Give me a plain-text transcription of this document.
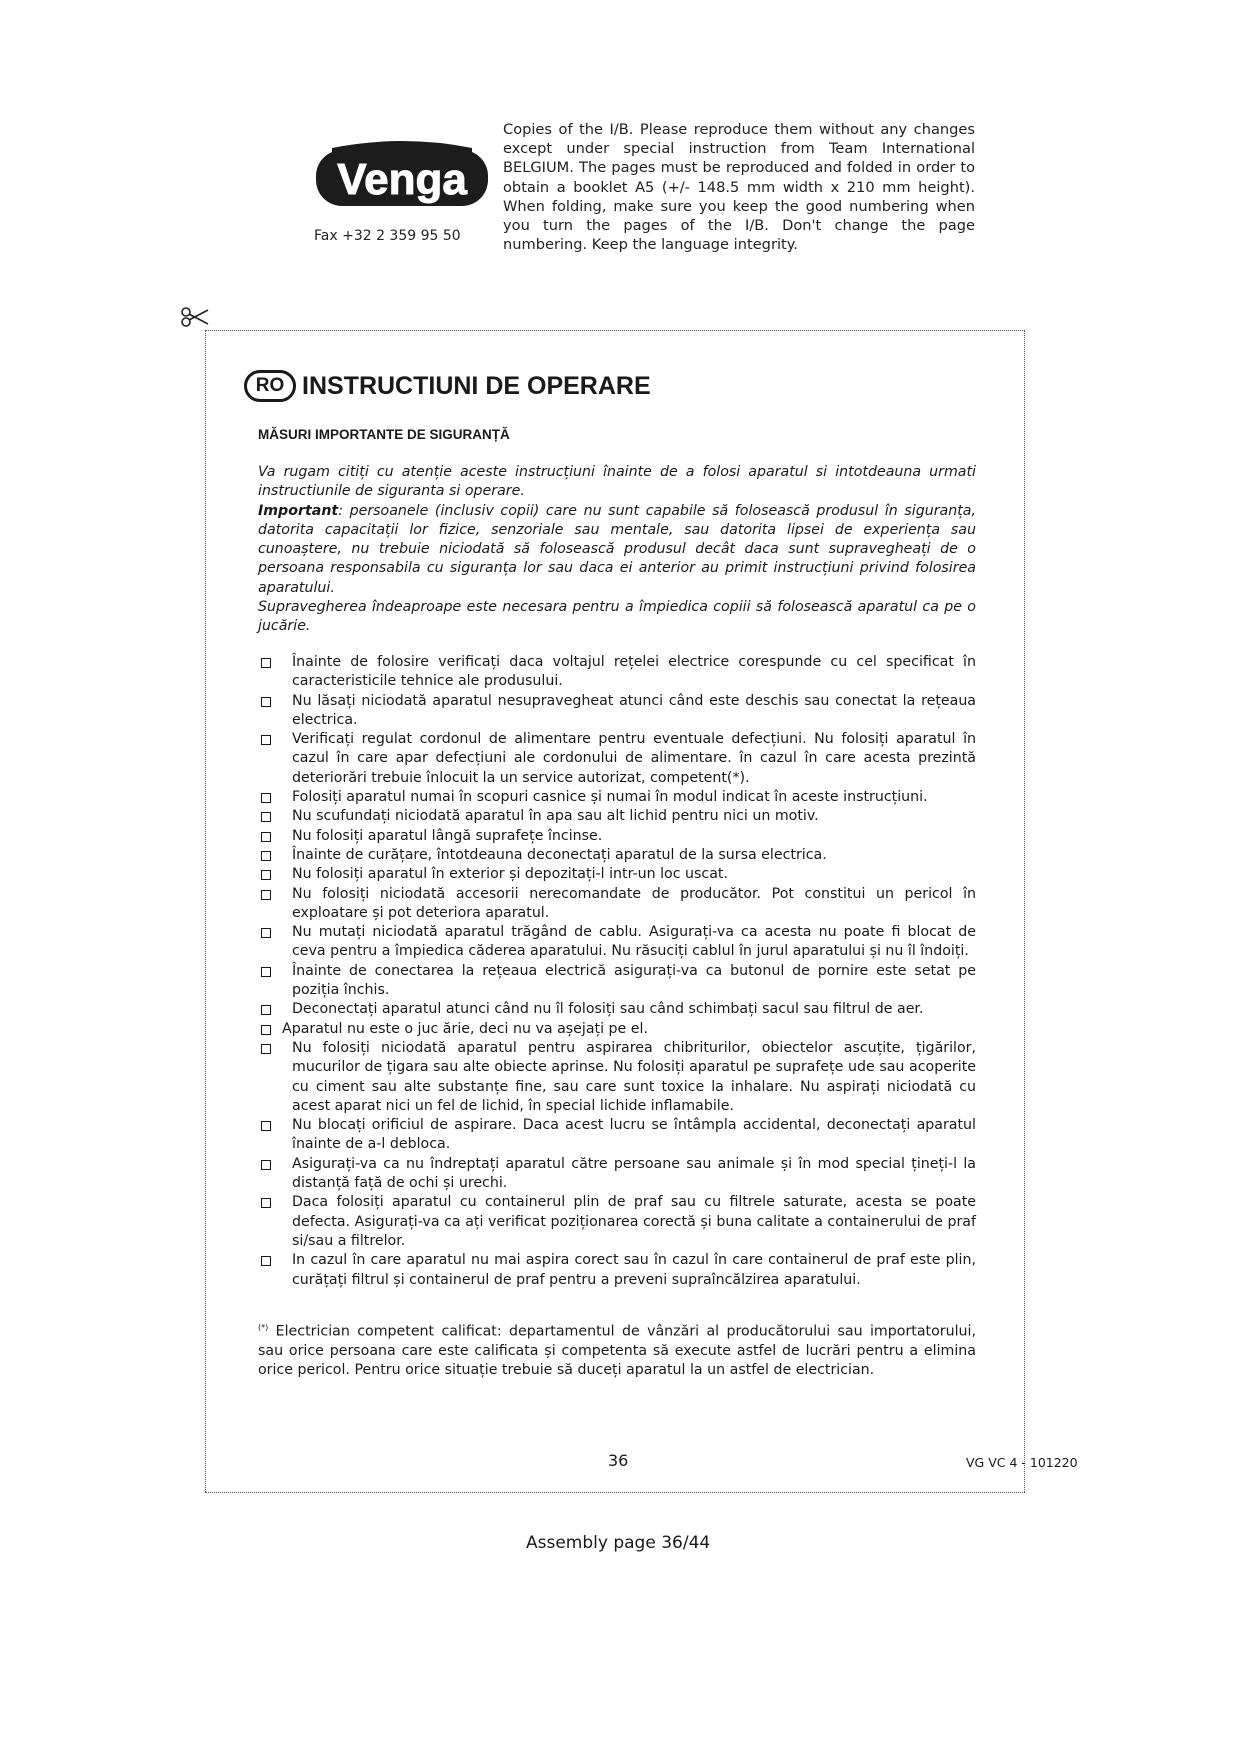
Venga
Fax +32 2 359 95 50
Copies of the I/B. Please reproduce them without any changes except under special instruction from Team International BELGIUM. The pages must be reproduced and folded in order to obtain a booklet A5 (+/- 148.5 mm width x 210 mm height). When folding, make sure you keep the good numbering when you turn the pages of the I/B. Don't change the page numbering. Keep the language integrity.
RO INSTRUCTIUNI DE OPERARE
MĂSURI IMPORTANTE DE SIGURANȚĂ

Va rugam citiți cu atenție aceste instrucțiuni înainte de a folosi aparatul si intotdeauna urmati instructiunile de siguranta si operare.

Important: persoanele (inclusiv copii) care nu sunt capabile să folosească produsul în siguranța, datorita capacitații lor fizice, senzoriale sau mentale, sau datorita lipsei de experiența sau cunoaștere, nu trebuie niciodată să folosească produsul decât daca sunt supravegheați de o persoana responsabila cu siguranța lor sau daca ei anterior au primit instrucțiuni privind folosirea aparatului.

Supravegherea îndeaproape este necesara pentru a împiedica copiii să folosească aparatul ca pe o jucărie.

Înainte de folosire verificați daca voltajul rețelei electrice corespunde cu cel specificat în caracteristicile tehnice ale produsului.
Nu lăsați niciodată aparatul nesupravegheat atunci când este deschis sau conectat la rețeaua electrica.
Verificați regulat cordonul de alimentare pentru eventuale defecțiuni. Nu folosiți aparatul în cazul în care apar defecțiuni ale cordonului de alimentare. în cazul în care acesta prezintă deteriorări trebuie înlocuit la un service autorizat, competent(*).
Folosiți aparatul numai în scopuri casnice și numai în modul indicat în aceste instrucțiuni.
Nu scufundați niciodată aparatul în apa sau alt lichid pentru nici un motiv.
Nu folosiți aparatul lângă suprafețe încinse.
Înainte de curățare, întotdeauna deconectați aparatul de la sursa electrica.
Nu folosiți aparatul în exterior și depozitați-l intr-un loc uscat.
Nu folosiți niciodată accesorii nerecomandate de producător. Pot constitui un pericol în exploatare și pot deteriora aparatul.
Nu mutați niciodată aparatul trăgând de cablu. Asigurați-va ca acesta nu poate fi blocat de ceva pentru a împiedica căderea aparatului. Nu răsuciți cablul în jurul aparatului și nu îl îndoiți.
Înainte de conectarea la rețeaua electrică asigurați-va ca butonul de pornire este setat pe poziția închis.
Deconectați aparatul atunci când nu îl folosiți sau când schimbați sacul sau filtrul de aer.
Aparatul nu este o juc ărie, deci nu va așejați pe el.
Nu folosiți niciodată aparatul pentru aspirarea chibriturilor, obiectelor ascuțite, țigărilor, mucurilor de țigara sau alte obiecte aprinse. Nu folosiți aparatul pe suprafețe ude sau acoperite cu ciment sau alte substanțe fine, sau care sunt toxice la inhalare. Nu aspirați niciodată cu acest aparat nici un fel de lichid, în special lichide inflamabile.
Nu blocați orificiul de aspirare. Daca acest lucru se întâmpla accidental, deconectați aparatul înainte de a-l debloca.
Asigurați-va ca nu îndreptați aparatul către persoane sau animale și în mod special țineți-l la distanță față de ochi și urechi.
Daca folosiți aparatul cu containerul plin de praf sau cu filtrele saturate, acesta se poate defecta. Asigurați-va ca ați verificat poziționarea corectă și buna calitate a containerului de praf si/sau a filtrelor.
In cazul în care aparatul nu mai aspira corect sau în cazul în care containerul de praf este plin, curățați filtrul și containerul de praf pentru a preveni supraîncălzirea aparatului.
(*) Electrician competent calificat: departamentul de vânzări al producătorului sau importatorului, sau orice persoana care este calificata și competenta să execute astfel de lucrări pentru a elimina orice pericol. Pentru orice situație trebuie să duceți aparatul la un astfel de electrician.
36	VG VC 4 - 101220
Assembly page 36/44
